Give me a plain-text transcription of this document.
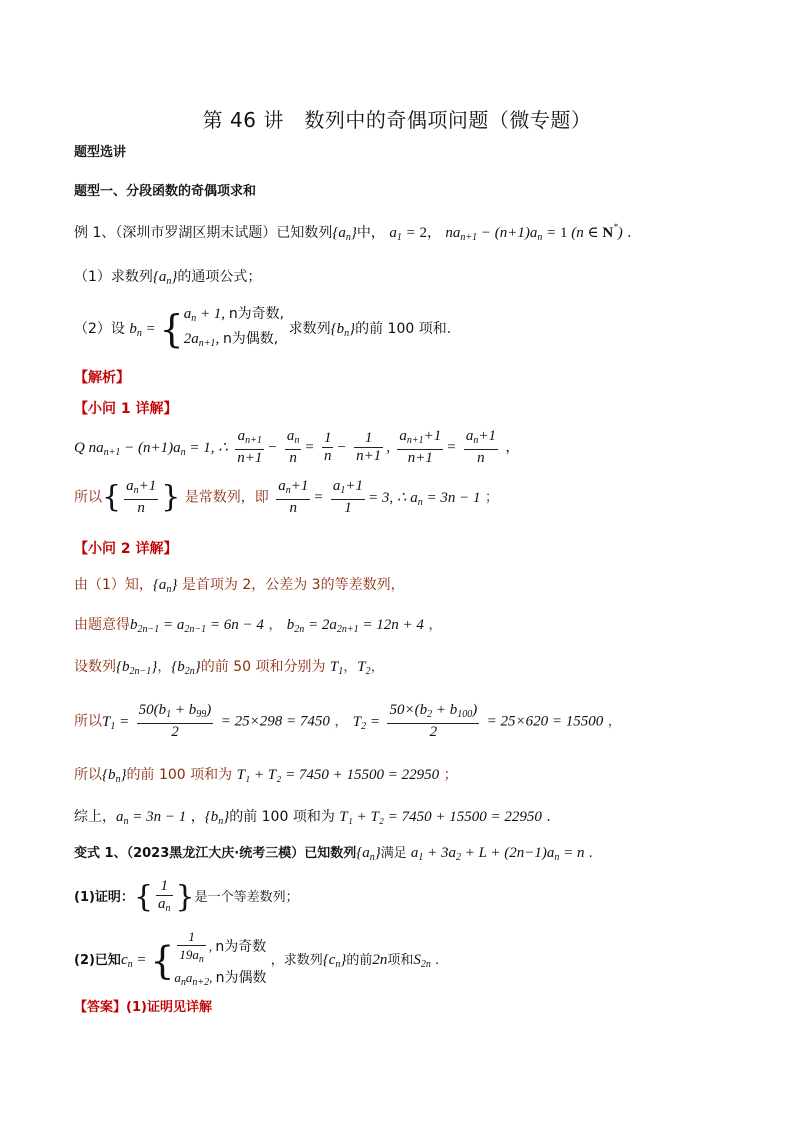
第 46 讲　数列中的奇偶项问题（微专题）
题型选讲
题型一、分段函数的奇偶项求和
例 1、（深圳市罗湖区期末试题）已知数列$\{a_n\}$中， $a_1 = 2$， $na_{n+1} - (n+1)a_n = 1$ (n ∈ N*) .
（1）求数列$\{a_n\}$的通项公式；
（2）设 $b_n$ = { $a_n + 1$, n为奇数,
$2a_{n+1}$, n为偶数,
求数列$\{b_n\}$的前 100 项和.
【解析】
【小问 1 详解】
Q $na_{n+1} - (n+1)a_n = 1$, ∴ $\frac{a_{n+1}}{n+1} - \frac{a_n}{n} = \frac{1}{n} - \frac{1}{n+1}$ , $\frac{a_{n+1}+1}{n+1} = \frac{a_n+1}{n}$ ，
所以{ $\frac{a_n+1}{n}$ } 是常数列，即 $\frac{a_n+1}{n} = \frac{a_1+1}{1} = 3$, ∴ $a_n = 3n - 1$ ；
【小问 2 详解】
由（1）知，$\{a_n\}$ 是首项为 2，公差为 3的等差数列，
由题意得$b_{2n-1} = a_{2n-1} = 6n - 4$ ， $b_{2n} = 2a_{2n+1} = 12n + 4$ ，
设数列$\{b_{2n-1}\}$，$\{b_{2n}\}$的前 50 项和分别为 $T_1$，$T_2$，
所以$T_1 = \frac{50(b_1 + b_{99})}{2} = 25\times 298 = 7450$ ， $T_2 = \frac{50\times(b_2 + b_{100})}{2} = 25\times 620 = 15500$ ，
所以$\{b_n\}$的前 100 项和为 T₁ + T₂ = 7450 + 15500 = 22950 ；
综上，$a_n = 3n - 1$ ，$\{b_n\}$的前 100 项和为 T₁ + T₂ = 7450 + 15500 = 22950 .
变式 1、（2023黑龙江大庆·统考三模）已知数列$\{a_n\}$满足 $a_1 + 3a_2 + L + (2n-1)a_n = n$ .
(1)证明：{ $\frac{1}{a_n}$ }是一个等差数列；
(2)已知$c_n$ = { $\frac{1}{19a_n}$ , n为奇数
$a_na_{n+2}$, n为偶数
，求数列$\{c_n\}$的前2n项和$S_{2n}$ .
【答案】(1)证明见详解
